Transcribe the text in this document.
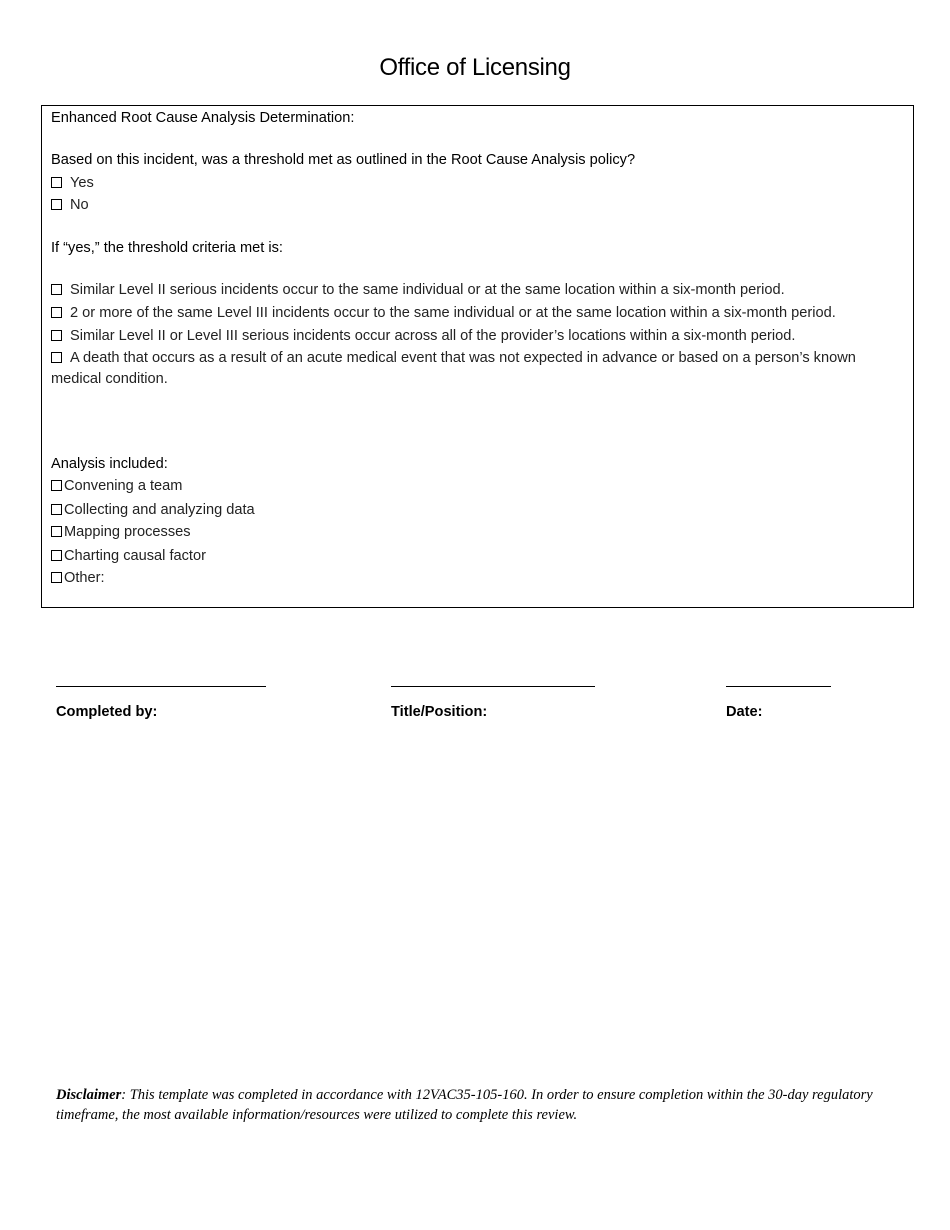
Office of Licensing
Enhanced Root Cause Analysis Determination:
Based on this incident, was a threshold met as outlined in the Root Cause Analysis policy?
Yes
No
If “yes,” the threshold criteria met is:
Similar Level II serious incidents occur to the same individual or at the same location within a six-month period.
2 or more of the same Level III incidents occur to the same individual or at the same location within a six-month period.
Similar Level II or Level III serious incidents occur across all of the provider’s locations within a six-month period.
A death that occurs as a result of an acute medical event that was not expected in advance or based on a person’s known medical condition.
Analysis included:
Convening a team
Collecting and analyzing data
Mapping processes
Charting causal factor
Other:
Completed by:	Title/Position:	Date:
Disclaimer: This template was completed in accordance with 12VAC35-105-160. In order to ensure completion within the 30-day regulatory timeframe, the most available information/resources were utilized to complete this review.
